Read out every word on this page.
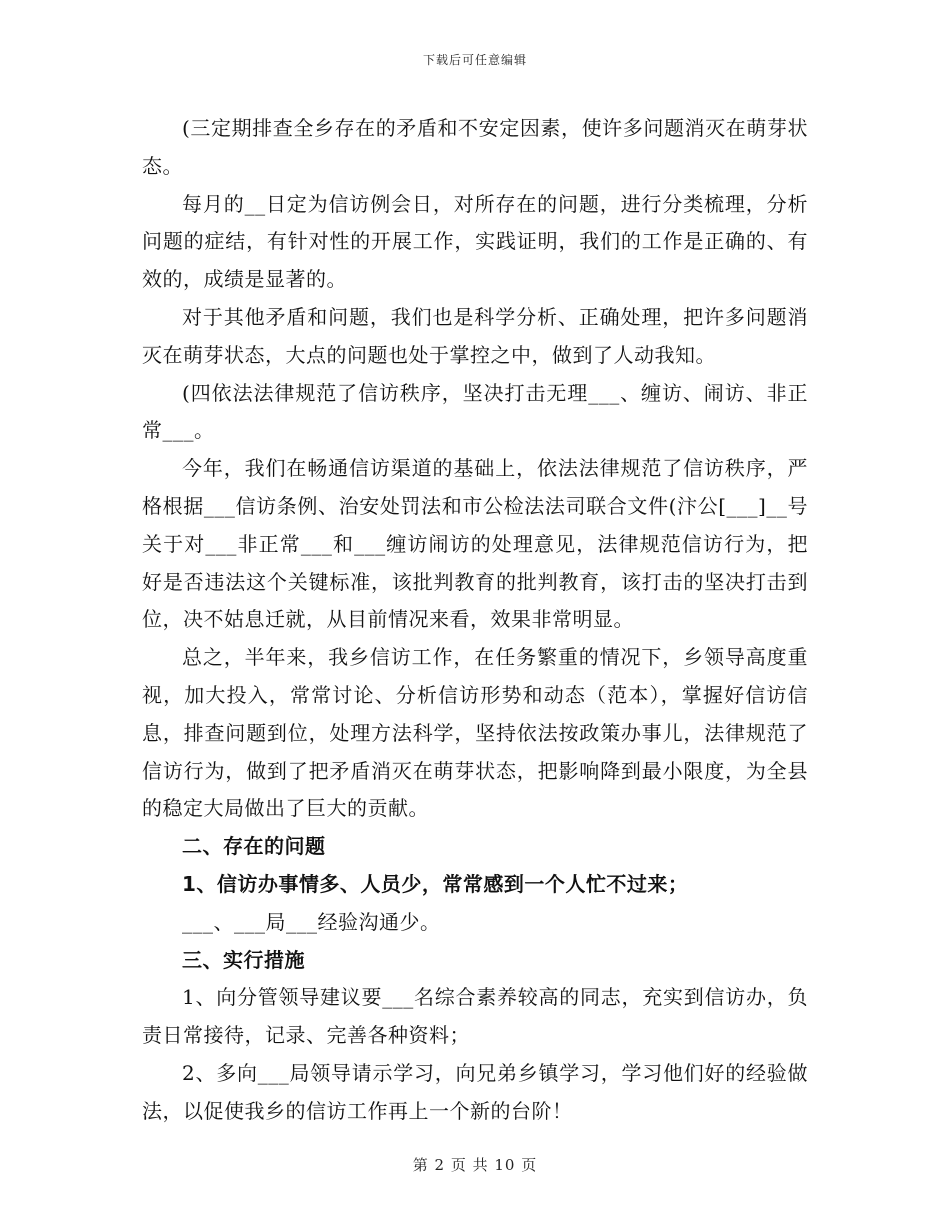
下载后可任意编辑

(三定期排查全乡存在的矛盾和不安定因素，使许多问题消灭在萌芽状态。

每月的__日定为信访例会日，对所存在的问题，进行分类梳理，分析问题的症结，有针对性的开展工作，实践证明，我们的工作是正确的、有效的，成绩是显著的。

对于其他矛盾和问题，我们也是科学分析、正确处理，把许多问题消灭在萌芽状态，大点的问题也处于掌控之中，做到了人动我知。

(四依法法律规范了信访秩序，坚决打击无理___、缠访、闹访、非正常___。

今年，我们在畅通信访渠道的基础上，依法法律规范了信访秩序，严格根据___信访条例、治安处罚法和市公检法法司联合文件(汴公[___]__号关于对___非正常___和___缠访闹访的处理意见，法律规范信访行为，把好是否违法这个关键标准，该批判教育的批判教育，该打击的坚决打击到位，决不姑息迁就，从目前情况来看，效果非常明显。

总之，半年来，我乡信访工作，在任务繁重的情况下，乡领导高度重视，加大投入，常常讨论、分析信访形势和动态（范本），掌握好信访信息，排查问题到位，处理方法科学，坚持依法按政策办事儿，法律规范了信访行为，做到了把矛盾消灭在萌芽状态，把影响降到最小限度，为全县的稳定大局做出了巨大的贡献。

二、存在的问题

1、信访办事情多、人员少，常常感到一个人忙不过来；

___、___局___经验沟通少。

三、实行措施

1、向分管领导建议要___名综合素养较高的同志，充实到信访办，负责日常接待，记录、完善各种资料；

2、多向___局领导请示学习，向兄弟乡镇学习，学习他们好的经验做法，以促使我乡的信访工作再上一个新的台阶！

第 2 页 共 10 页
